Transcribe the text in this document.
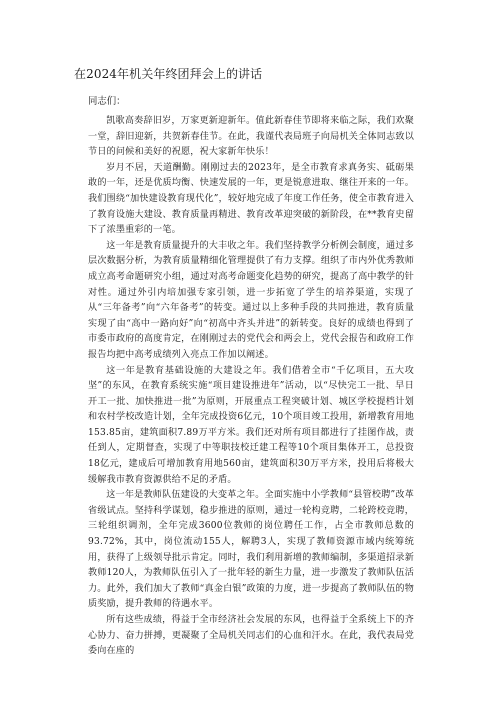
在2024年机关年终团拜会上的讲话
同志们：

凯歌高奏辞旧岁，万家更新迎新年。值此新春佳节即将来临之际，我们欢聚一堂，辞旧迎新，共贺新春佳节。在此，我谨代表局班子向局机关全体同志致以节日的问候和美好的祝愿，祝大家新年快乐！

岁月不居，天道酬勤。刚刚过去的2023年，是全市教育求真务实、砥砺果敢的一年，还是优质均衡、快速发展的一年，更是锐意进取、继往开来的一年。我们围绕“加快建设教育现代化”，较好地完成了年度工作任务，使全市教育进入了教育设施大建设、教育质量再精进、教育改革迎突破的新阶段，在**教育史留下了浓墨重彩的一笔。

这一年是教育质量提升的大丰收之年。我们坚持教学分析例会制度，通过多层次数据分析，为教育质量精细化管理提供了有力支撑。组织了市内外优秀教师成立高考命题研究小组，通过对高考命题变化趋势的研究，提高了高中教学的针对性。通过外引内培加强专家引领，进一步拓宽了学生的培养渠道，实现了从“三年备考”向“六年备考”的转变。通过以上多种手段的共同推进，教育质量实现了由“高中一路向好”向“初高中齐头并进”的新转变。良好的成绩也得到了市委市政府的高度肯定，在刚刚过去的党代会和两会上，党代会报告和政府工作报告均把中高考成绩列入亮点工作加以阐述。

这一年是教育基础设施的大建设之年。我们借着全市“千亿项目，五大攻坚”的东风，在教育系统实施“项目建设推进年”活动，以“尽快完工一批、早日开工一批、加快推进一批”为原则，开展重点工程突破计划、城区学校提档计划和农村学校改造计划，全年完成投资6亿元，10个项目竣工投用，新增教育用地153.85亩，建筑面积7.89万平方米。我们还对所有项目都进行了挂图作战，责任到人，定期督查，实现了中等职技校迁建工程等10个项目集体开工，总投资18亿元，建成后可增加教育用地560亩，建筑面积30万平方米，投用后将极大缓解我市教育资源供给不足的矛盾。

这一年是教师队伍建设的大变革之年。全面实施中小学教师“县管校聘”改革省级试点。坚持科学谋划，稳步推进的原则，通过一轮构竞聘，二轮跨校竞聘，三轮组织调剂，全年完成3600位教师的岗位聘任工作，占全市教师总数的93.72%，其中，岗位流动155人，解聘3人，实现了教师资源市域内统筹统用，获得了上级领导批示肯定。同时，我们利用新增的教师编制，多渠道招录新教师120人，为教师队伍引入了一批年轻的新生力量，进一步激发了教师队伍活力。此外，我们加大了教师“真金白银”政策的力度，进一步提高了教师队伍的物质奖励，提升教师的待遇水平。

所有这些成绩，得益于全市经济社会发展的东风，也得益于全系统上下的齐心协力、奋力拼搏，更凝聚了全局机关同志们的心血和汗水。在此，我代表局党委向在座的
